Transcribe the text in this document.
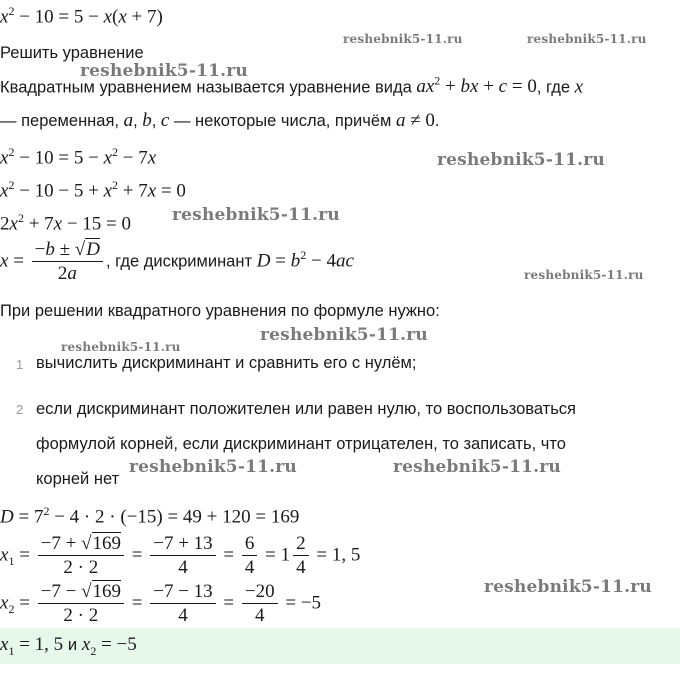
$x^2 - 10 = 5 - x(x + 7)$
Решить уравнение
Квадратным уравнением называется уравнение вида $ax^2$ + bx + c = 0, где x
— переменная, a, b, c — некоторые числа, причём a ≠ 0.
$x^2 - 10 = 5 - x^2 - 7x$
$x^2 - 10 - 5 + x^2 + 7x = 0$
$2x^2 + 7x - 15 = 0$
$x = \frac{-b \pm √D}{2a}$ , где дискриминант $D = b^2 - 4ac$
При решении квадратного уравнения по формуле нужно:
1 вычислить дискриминант и сравнить его с нулём;
2 если дискриминант положителен или равен нулю, то воспользоваться
формулой корней, если дискриминант отрицателен, то записать, что
корней нет
$D = 7^2 - 4 \cdot 2 \cdot (-15) = 49 + 120 = 169$
$x_1 = \frac{-7 + √169}{2 \cdot 2} = \frac{-7 + 13}{4} = \frac{6}{4} = 1 \frac{2}{4} = 1$, 5
$x_2 = \frac{-7 - √169}{2 \cdot 2} = \frac{-7 - 13}{4} = \frac{-20}{4} = -5$
$x_1 = 1$, 5 и $x_2 = -5$
reshebnik5-11.ru	reshebnik5-11.ru
reshebnik5-11.ru
reshebnik5-11.ru
reshebnik5-11.ru
reshebnik5-11.ru
reshebnik5-11.ru
reshebnik5-11.ru
reshebnik5-11.ru	reshebnik5-11.ru
reshebnik5-11.ru
